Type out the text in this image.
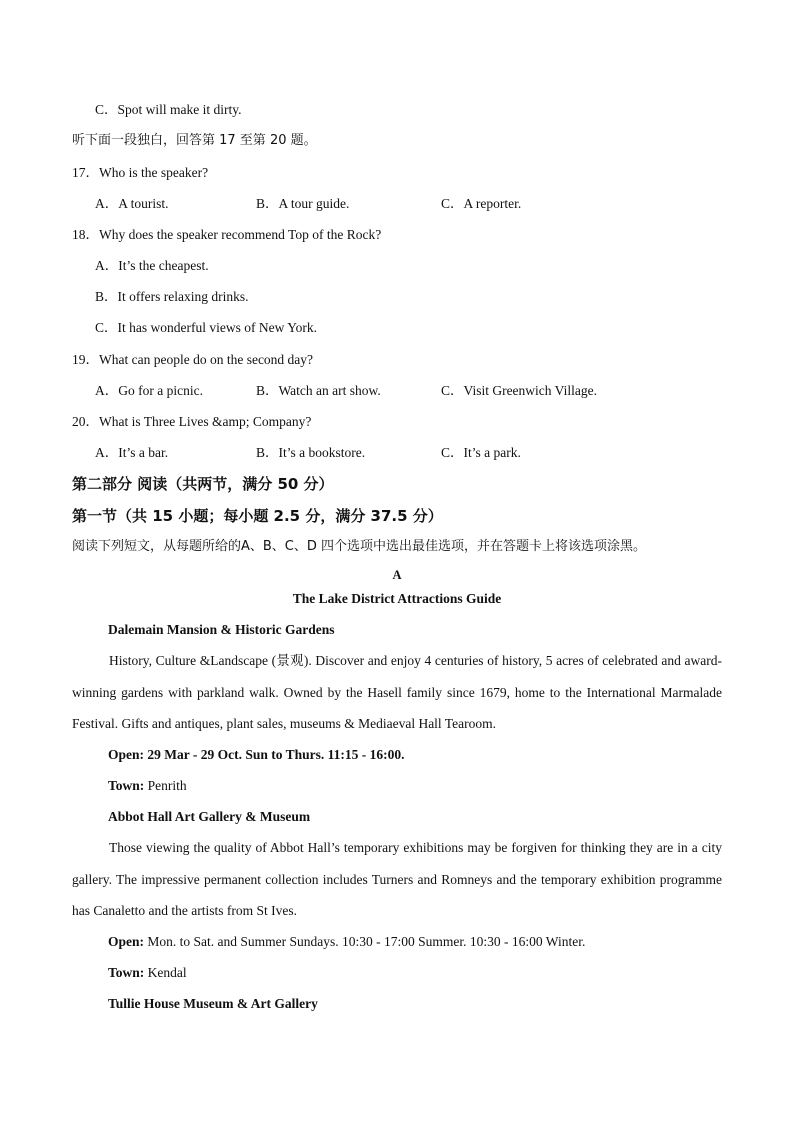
C．Spot will make it dirty.
听下面一段独白，回答第 17 至第 20 题。
17．Who is the speaker?
A．A tourist.	B．A tour guide.	C．A reporter.
18．Why does the speaker recommend Top of the Rock?
A．It’s the cheapest.
B．It offers relaxing drinks.
C．It has wonderful views of New York.
19．What can people do on the second day?
A．Go for a picnic.	B．Watch an art show.	C．Visit Greenwich Village.
20．What is Three Lives &amp; Company?
A．It’s a bar.	B．It’s a bookstore.	C．It’s a park.
第二部分 阅读（共两节，满分 50 分）
第一节（共 15 小题；每小题 2.5 分，满分 37.5 分）
阅读下列短文，从每题所给的A、B、C、D 四个选项中选出最佳选项，并在答题卡上将该选项涂黑。
A
The Lake District Attractions Guide
Dalemain Mansion & Historic Gardens
History, Culture &Landscape (景观). Discover and enjoy 4 centuries of history, 5 acres of celebrated and award-winning gardens with parkland walk. Owned by the Hasell family since 1679, home to the International Marmalade Festival. Gifts and antiques, plant sales, museums & Mediaeval Hall Tearoom.
Open: 29 Mar - 29 Oct. Sun to Thurs. 11:15 - 16:00.
Town: Penrith
Abbot Hall Art Gallery & Museum
Those viewing the quality of Abbot Hall’s temporary exhibitions may be forgiven for thinking they are in a city gallery. The impressive permanent collection includes Turners and Romneys and the temporary exhibition programme has Canaletto and the artists from St Ives.
Open: Mon. to Sat. and Summer Sundays. 10:30 - 17:00 Summer. 10:30 - 16:00 Winter.
Town: Kendal
Tullie House Museum & Art Gallery
